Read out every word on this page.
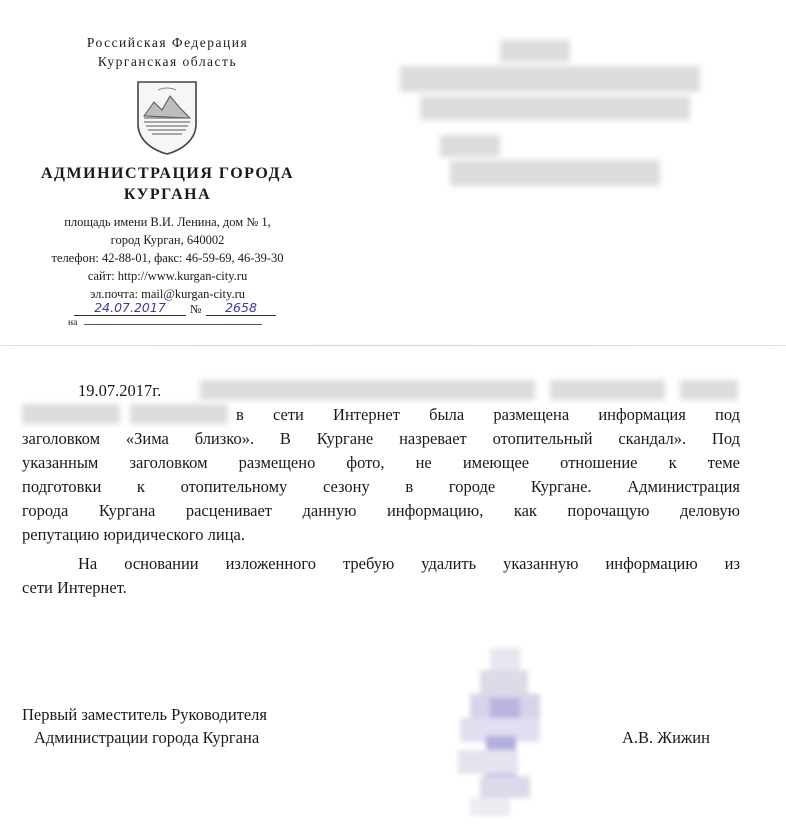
Российская Федерация
Курганская область
АДМИНИСТРАЦИЯ ГОРОДА
КУРГАНА
площадь имени В.И. Ленина, дом № 1,
город Курган, 640002
телефон: 42-88-01, факс: 46-59-69, 46-39-30
сайт: http://www.kurgan-city.ru
эл.почта: mail@kurgan-city.ru
24.07.2017	№	2658
на
19.07.2017г.
в сети Интернет была размещена информация под
заголовком «Зима близко». В Кургане назревает отопительный скандал». Под
указанным заголовком размещено фото, не имеющее отношение к теме
подготовки к отопительному сезону в городе Кургане. Администрация
города Кургана расценивает данную информацию, как порочащую деловую
репутацию юридического лица.
На основании изложенного требую удалить указанную информацию из
сети Интернет.
Первый заместитель Руководителя
Администрации города Кургана	А.В. Жижин
